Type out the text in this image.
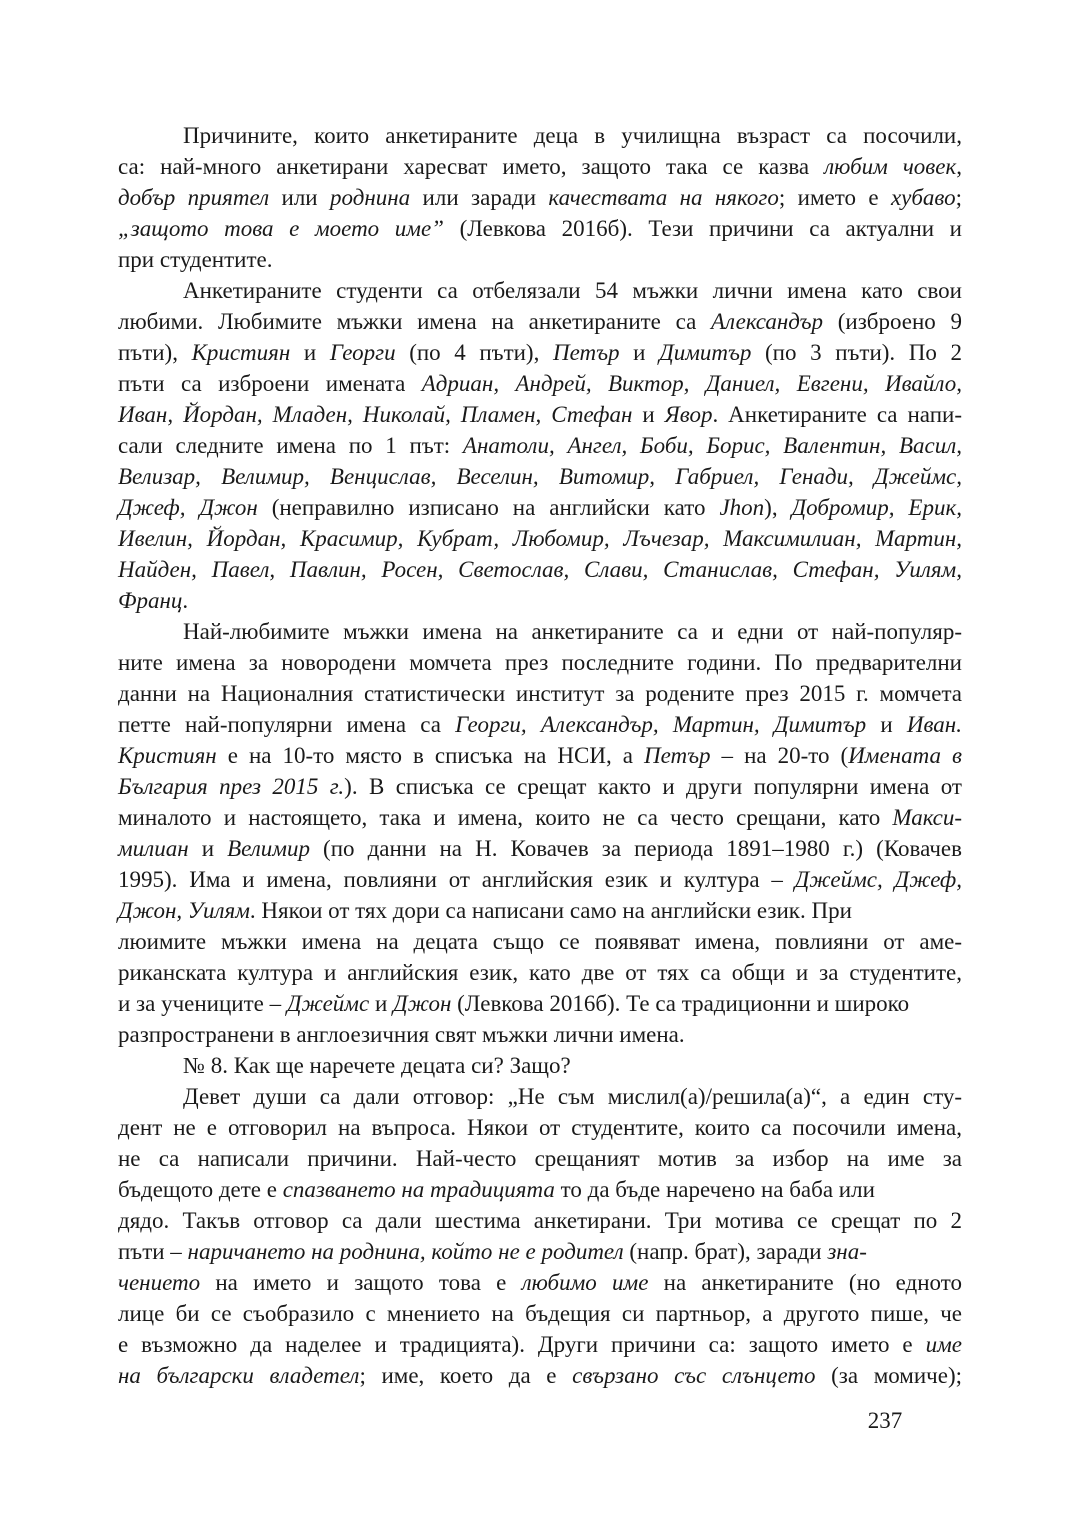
Причините, които анкетираните деца в училищна възраст са посочили,
са: най-много анкетирани харесват името, защото така се казва любим човек,
добър приятел или роднина или заради качествата на някого; името е хубаво;
„защото това е моето име” (Левкова 2016б). Тези причини са актуални и
при студентите.
Анкетираните студенти са отбелязали 54 мъжки лични имена като свои
любими. Любимите мъжки имена на анкетираните са Александър (изброено 9
пъти), Кристиян и Георги (по 4 пъти), Петър и Димитър (по 3 пъти). По 2
пъти са изброени имената Адриан, Андрей, Виктор, Даниел, Евгени, Ивайло,
Иван, Йордан, Младен, Николай, Пламен, Стефан и Явор. Анкетираните са напи-
сали следните имена по 1 път: Анатоли, Ангел, Боби, Борис, Валентин, Васил,
Велизар, Велимир, Венцислав, Веселин, Витомир, Габриел, Генади, Джеймс,
Джеф, Джон (неправилно изписано на английски като Jhon), Добромир, Ерик,
Ивелин, Йордан, Красимир, Кубрат, Любомир, Лъчезар, Максимилиан, Мартин,
Найден, Павел, Павлин, Росен, Светослав, Слави, Станислав, Стефан, Уилям,
Франц.
Най-любимите мъжки имена на анкетираните са и едни от най-популяр-
ните имена за новородени момчета през последните години. По предварителни
данни на Националния статистически институт за родените през 2015 г. момчета
петте най-популярни имена са Георги, Александър, Мартин, Димитър и Иван.
Кристиян е на 10-то място в списъка на НСИ, а Петър – на 20-то (Имената в
България през 2015 г.). В списъка се срещат както и други популярни имена от
миналото и настоящето, така и имена, които не са често срещани, като Макси-
милиан и Велимир (по данни на Н. Ковачев за периода 1891–1980 г.) (Ковачев
1995). Има и имена, повлияни от английския език и култура – Джеймс, Джеф,
Джон, Уилям. Някои от тях дори са написани само на английски език. При
люимите мъжки имена на децата също се появяват имена, повлияни от аме-
риканската култура и английския език, като две от тях са общи и за студентите,
и за учениците – Джеймс и Джон (Левкова 2016б). Те са традиционни и широко
разпространени в англоезичния свят мъжки лични имена.
№ 8. Как ще наречете децата си? Защо?
Девет души са дали отговор: „Не съм мислил(а)/решила(а)“, а един сту-
дент не е отговорил на въпроса. Някои от студентите, които са посочили имена,
не са написали причини. Най-често срещаният мотив за избор на име за
бъдещото дете е спазването на традицията то да бъде наречено на баба или
дядо. Такъв отговор са дали шестима анкетирани. Три мотива се срещат по 2
пъти – наричането на роднина, който не е родител (напр. брат), заради зна-
чението на името и защото това е любимо име на анкетираните (но едното
лице би се съобразило с мнението на бъдещия си партньор, а другото пише, че
е възможно да наделее и традицията). Други причини са: защото името е име
на български владетел; име, което да е свързано със слънцето (за момиче);
237
